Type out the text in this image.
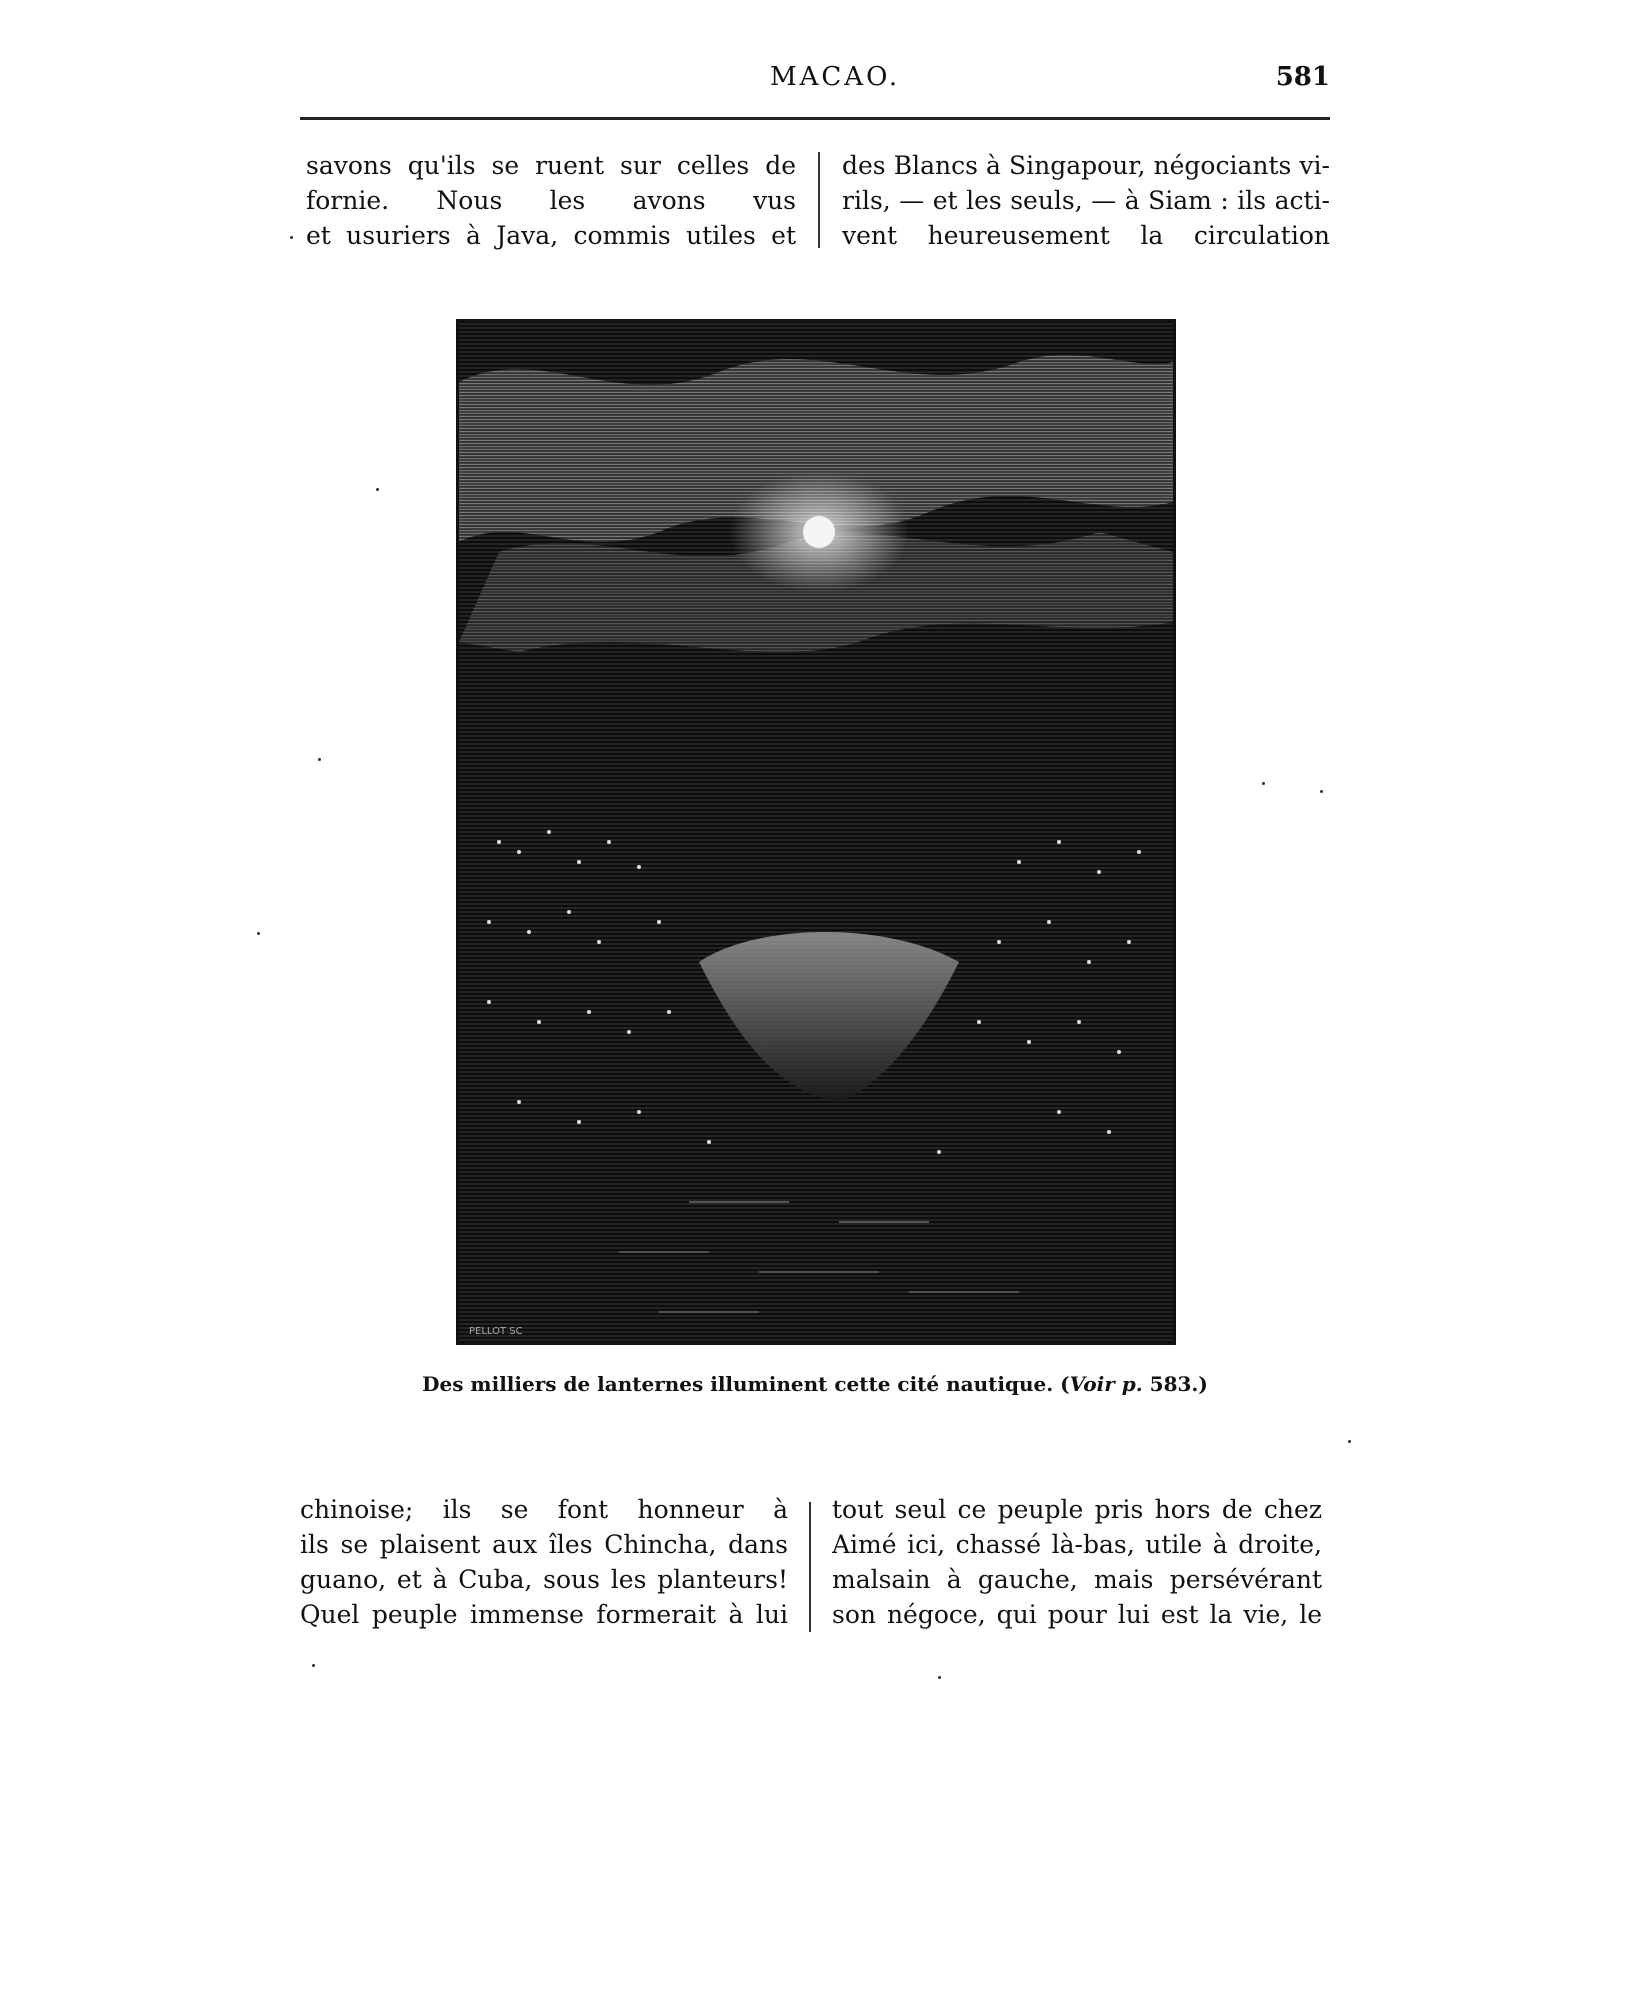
MACAO.	581

savons qu'ils se ruent sur celles de

fornie. Nous les avons vus

et usuriers à Java, commis utiles et

des Blancs à Singapour, négociants vi-

rils, — et les seuls, — à Siam : ils acti-

vent heureusement la circulation

PELLOT SC
Des milliers de lanternes illuminent cette cité nautique. (Voir p. 583.)

chinoise; ils se font honneur à

ils se plaisent aux îles Chincha, dans

guano, et à Cuba, sous les planteurs!

Quel peuple immense formerait à lui

tout seul ce peuple pris hors de chez

Aimé ici, chassé là-bas, utile à droite,

malsain à gauche, mais persévérant

son négoce, qui pour lui est la vie, le
